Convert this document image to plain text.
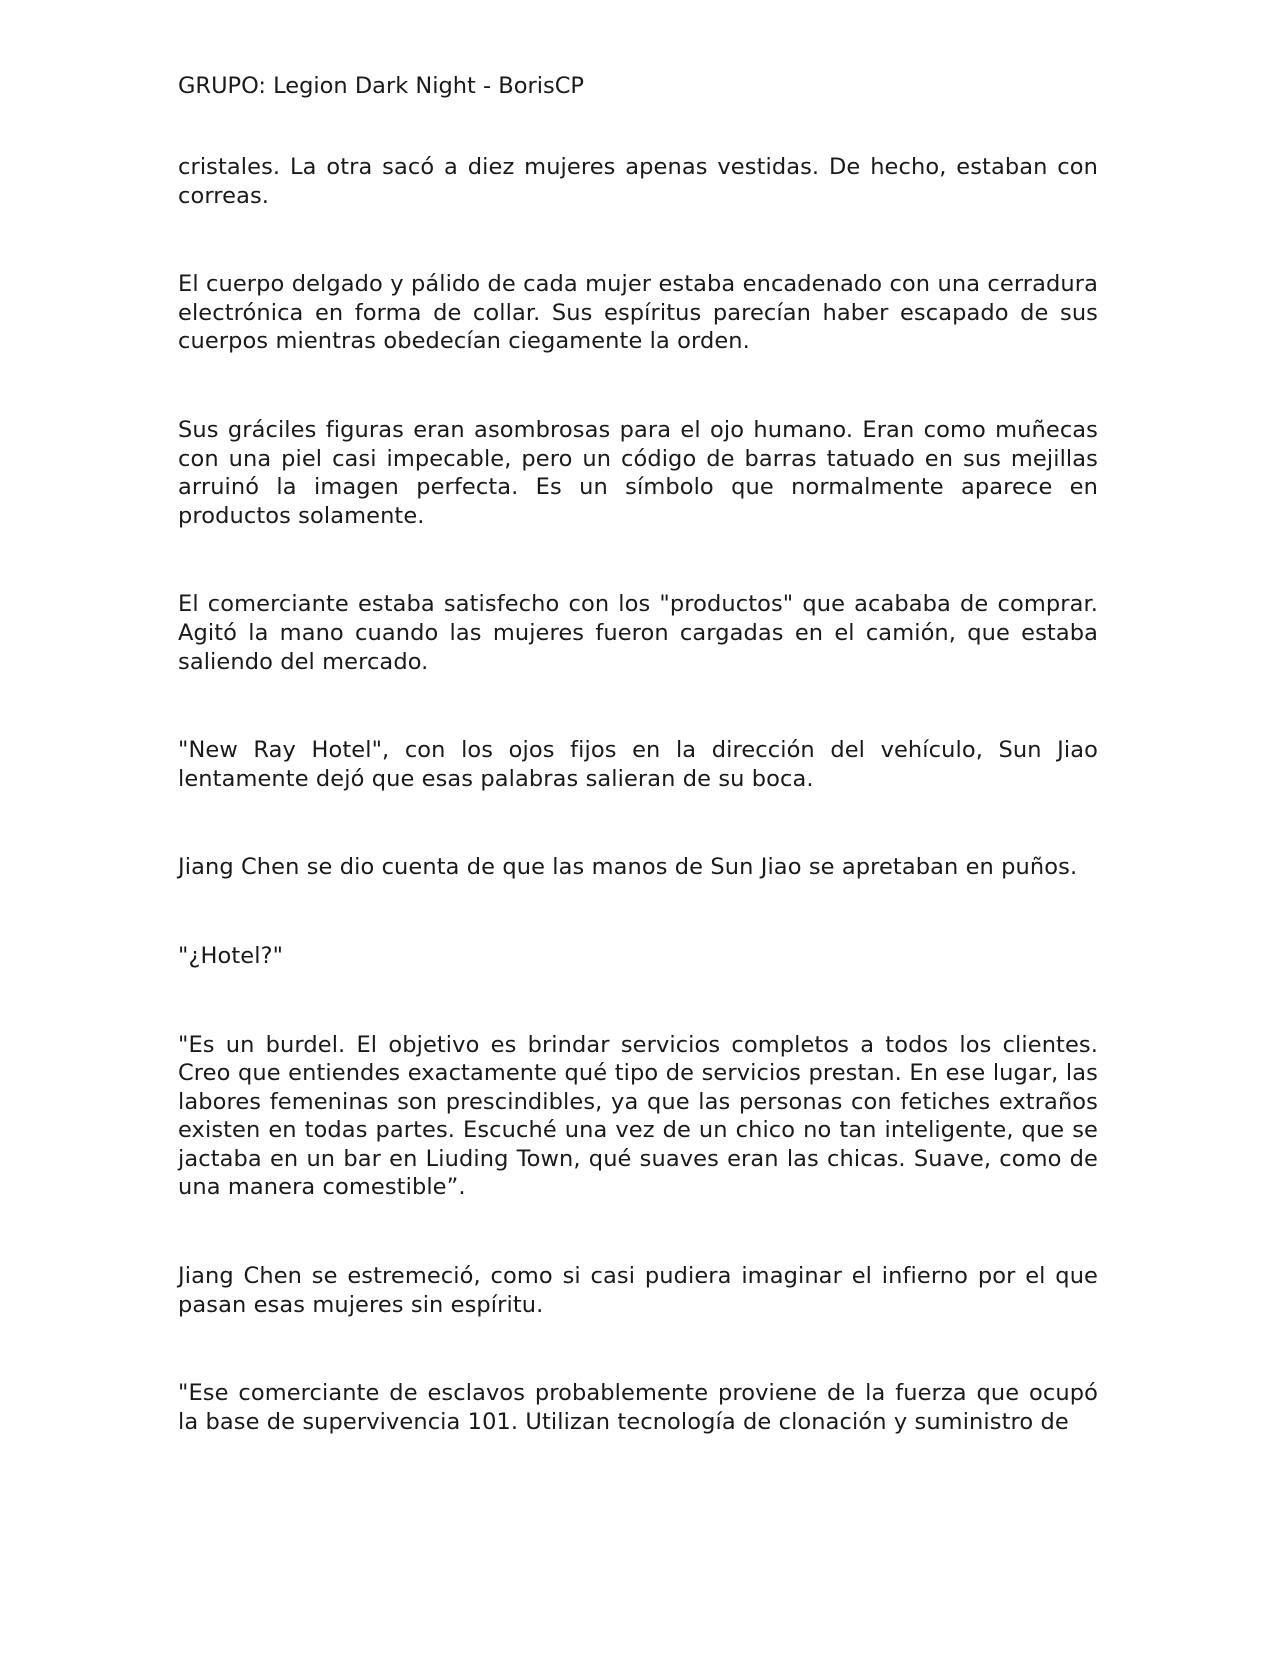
GRUPO: Legion Dark Night - BorisCP

cristales. La otra sacó a diez mujeres apenas vestidas. De hecho, estaban con correas.

El cuerpo delgado y pálido de cada mujer estaba encadenado con una cerradura electrónica en forma de collar. Sus espíritus parecían haber escapado de sus cuerpos mientras obedecían ciegamente la orden.

Sus gráciles figuras eran asombrosas para el ojo humano. Eran como muñecas con una piel casi impecable, pero un código de barras tatuado en sus mejillas arruinó la imagen perfecta. Es un símbolo que normalmente aparece en productos solamente.

El comerciante estaba satisfecho con los "productos" que acababa de comprar. Agitó la mano cuando las mujeres fueron cargadas en el camión, que estaba saliendo del mercado.

"New Ray Hotel", con los ojos fijos en la dirección del vehículo, Sun Jiao lentamente dejó que esas palabras salieran de su boca.

Jiang Chen se dio cuenta de que las manos de Sun Jiao se apretaban en puños.

"¿Hotel?"

"Es un burdel. El objetivo es brindar servicios completos a todos los clientes. Creo que entiendes exactamente qué tipo de servicios prestan. En ese lugar, las labores femeninas son prescindibles, ya que las personas con fetiches extraños existen en todas partes. Escuché una vez de un chico no tan inteligente, que se jactaba en un bar en Liuding Town, qué suaves eran las chicas. Suave, como de una manera comestible”.

Jiang Chen se estremeció, como si casi pudiera imaginar el infierno por el que pasan esas mujeres sin espíritu.

"Ese comerciante de esclavos probablemente proviene de la fuerza que ocupó la base de supervivencia 101. Utilizan tecnología de clonación y suministro de
